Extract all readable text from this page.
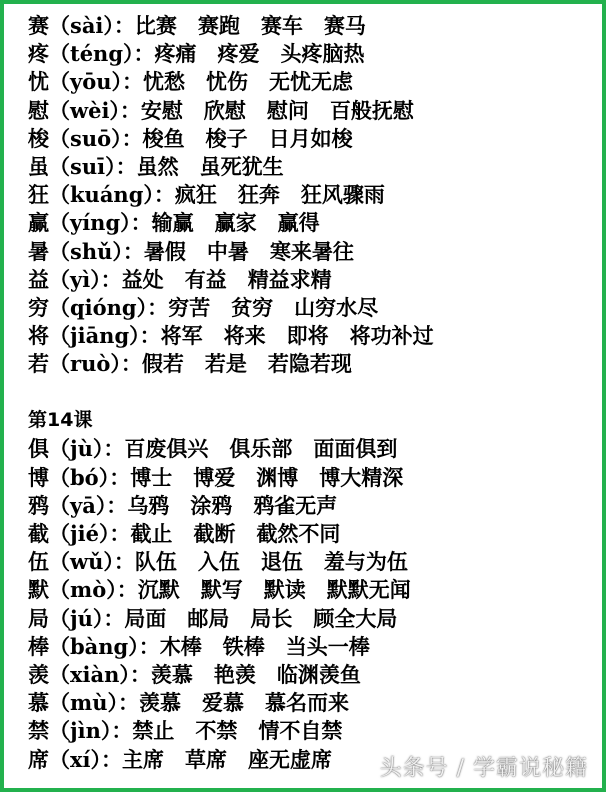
赛（sài）：比赛　 赛跑　 赛车　 赛马
疼（téng）：疼痛　 疼爱　 头疼脑热
忧（yōu）：忧愁　 忧伤　 无忧无虑
慰（wèi）：安慰　 欣慰　 慰问　 百般抚慰
梭（suō）：梭鱼　 梭子　 日月如梭
虽（suī）：虽然　 虽死犹生
狂（kuáng）：疯狂　 狂奔　 狂风骤雨
赢（yíng）：输赢　 赢家　 赢得
暑（shǔ）：暑假　 中暑　 寒来暑往
益（yì）：益处　 有益　 精益求精
穷（qióng）：穷苦　 贫穷　 山穷水尽
将（jiāng）：将军　 将来　 即将　 将功补过
若（ruò）：假若　 若是　 若隐若现
第14课
俱（jù）：百废俱兴　 俱乐部　 面面俱到
博（bó）：博士　 博爱　 渊博　 博大精深
鸦（yā）：乌鸦　 涂鸦　 鸦雀无声
截（jié）：截止　 截断　 截然不同
伍（wǔ）：队伍　 入伍　 退伍　 羞与为伍
默（mò）：沉默　 默写　 默读　 默默无闻
局（jú）：局面　 邮局　 局长　 顾全大局
棒（bàng）：木棒　 铁棒　 当头一棒
羡（xiàn）：羡慕　 艳羡　 临渊羡鱼
慕（mù）：羡慕　 爱慕　 慕名而来
禁（jìn）：禁止　 不禁　 情不自禁
席（xí）：主席　 草席　 座无虚席	头条号 / 学霸说秘籍
